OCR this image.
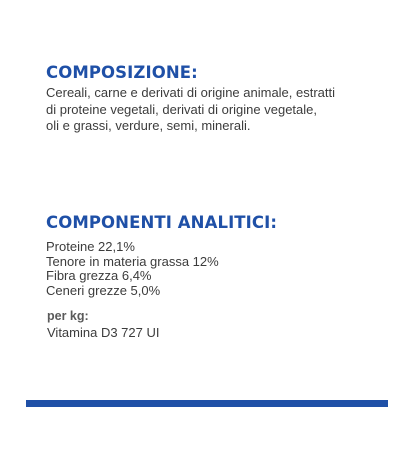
COMPOSIZIONE:

Cereali, carne e derivati di origine animale, estratti
di proteine vegetali, derivati di origine vegetale,
oli e grassi, verdure, semi, minerali.

COMPONENTI ANALITICI:
Proteine 22,1%
Tenore in materia grassa 12%
Fibra grezza 6,4%
Ceneri grezze 5,0%

per kg:

Vitamina D3 727 UI
